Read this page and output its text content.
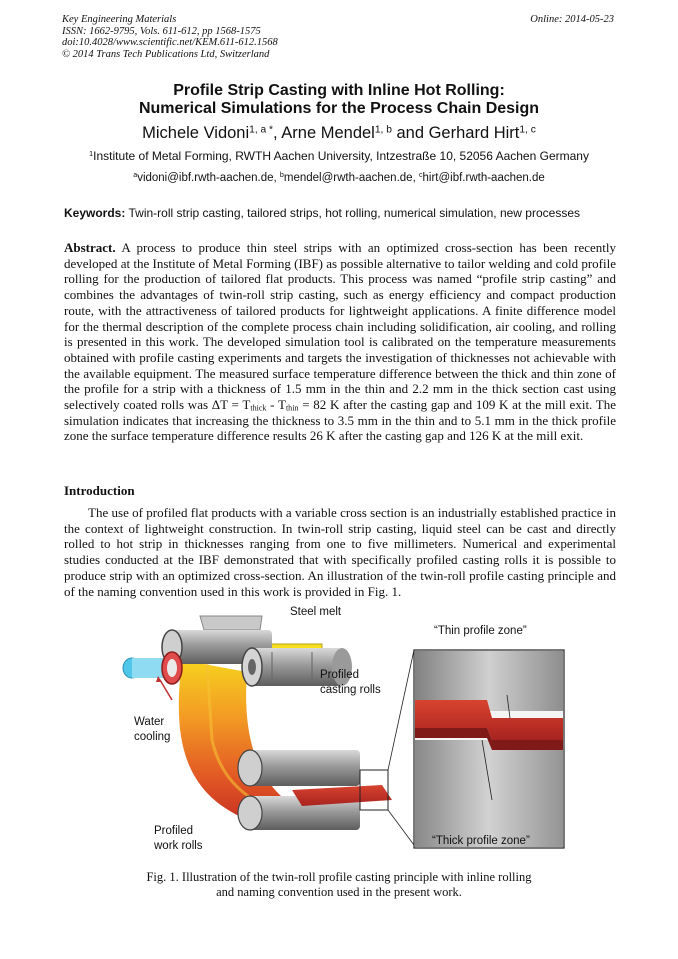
Key Engineering Materials
ISSN: 1662-9795, Vols. 611-612, pp 1568-1575
doi:10.4028/www.scientific.net/KEM.611-612.1568
© 2014 Trans Tech Publications Ltd, Switzerland
Online: 2014-05-23
Profile Strip Casting with Inline Hot Rolling:
Numerical Simulations for the Process Chain Design
Michele Vidoni$^{1, a *}$, Arne Mendel$^{1, b}$ and Gerhard Hirt$^{1, c}$
$^1$Institute of Metal Forming, RWTH Aachen University, Intzestraße 10, 52056 Aachen Germany
$^a$vidoni@ibf.rwth-aachen.de, $^b$mendel@rwth-aachen.de, $^c$hirt@ibf.rwth-aachen.de
Keywords: Twin-roll strip casting, tailored strips, hot rolling, numerical simulation, new processes
Abstract. A process to produce thin steel strips with an optimized cross-section has been recently developed at the Institute of Metal Forming (IBF) as possible alternative to tailor welding and cold profile rolling for the production of tailored flat products. This process was named “profile strip casting” and combines the advantages of twin-roll strip casting, such as energy efficiency and compact production route, with the attractiveness of tailored products for lightweight applications. A finite difference model for the thermal description of the complete process chain including solidification, air cooling, and rolling is presented in this work. The developed simulation tool is calibrated on the temperature measurements obtained with profile casting experiments and targets the investigation of thicknesses not achievable with the available equipment. The measured surface temperature difference between the thick and thin zone of the profile for a strip with a thickness of 1.5 mm in the thin and 2.2 mm in the thick section cast using selectively coated rolls was $\Delta T = T_{thick} - T_{thin} = 82$ K after the casting gap and 109 K at the mill exit. The simulation indicates that increasing the thickness to 3.5 mm in the thin and to 5.1 mm in the thick profile zone the surface temperature difference results 26 K after the casting gap and 126 K at the mill exit.
Introduction
The use of profiled flat products with a variable cross section is an industrially established practice in the context of lightweight construction. In twin-roll strip casting, liquid steel can be cast and directly rolled to hot strip in thicknesses ranging from one to five millimeters. Numerical and experimental studies conducted at the IBF demonstrated that with specifically profiled casting rolls it is possible to produce strip with an optimized cross-section. An illustration of the twin-roll profile casting principle and of the naming convention used in this work is provided in Fig. 1.
Steel melt
Profiled
casting rolls
Water
cooling
Profiled
work rolls
“Thin profile zone”
“Thick profile zone”
Fig. 1. Illustration of the twin-roll profile casting principle with inline rolling
and naming convention used in the present work.
